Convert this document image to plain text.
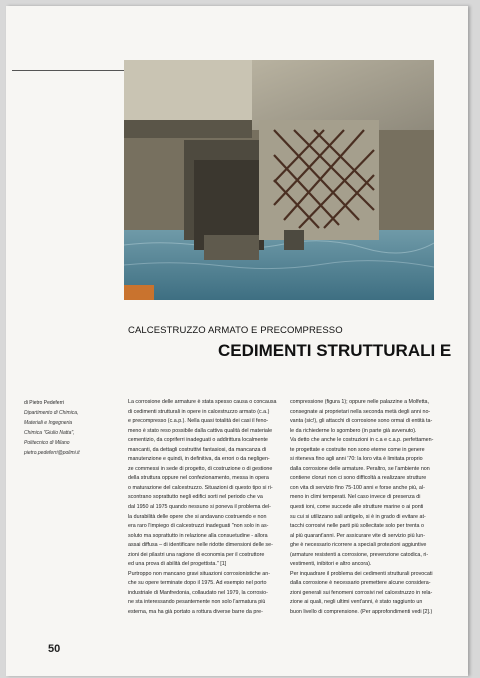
CALCESTRUZZO ARMATO E PRECOMPRESSO
CEDIMENTI STRUTTURALI E
di Pietro Pedeferri
Dipartimento di Chimica,
Materiali e Ingegneria
Chimica "Giulio Natta",
Politecnico di Milano
pietro.pedeferri@polimi.it

La corrosione delle armature è stata spesso causa o concausa

di cedimenti strutturali in opere in calcestruzzo armato (c.a.)

e precompresso (c.a.p.). Nella quasi totalità dei casi il feno-

meno è stato reso possibile dalla cattiva qualità del materiale

cementizio, da copriferri inadeguati o addirittura localmente

mancanti, da dettagli costruttivi fantasiosi, da mancanza di

manutenzione e quindi, in definitiva, da errori o da negligen-

ze commessi in sede di progetto, di costruzione o di gestione

della struttura oppure nel confezionamento, messa in opera

o maturazione del calcestruzzo. Situazioni di questo tipo si ri-

scontrano soprattutto negli edifici sorti nel periodo che va

dal 1950 al 1975 quando nessuno si poneva il problema del-

la durabilità delle opere che si andavano costruendo e non

era raro l'impiego di calcestruzzi inadeguati "non solo in as-

soluto ma soprattutto in relazione alla consuetudine - allora

assai diffusa – di identificare nelle ridotte dimensioni delle se-

zioni dei pilastri una ragione di economia per il costruttore

ed una prova di abilità del progettista." [1]

Purtroppo non mancano gravi situazioni corrosionistiche an-

che su opere terminate dopo il 1975. Ad esempio nel porto

industriale di Manfredonia, collaudato nel 1979, la corrosio-

ne sta interessando pesantemente non solo l'armatura più

esterna, ma ha già portato a rottura diverse barre da pre-

compressione (figura 1); oppure nelle palazzine a Molfetta,

consegnate ai proprietari nella seconda metà degli anni no-

vanta (sic!), gli attacchi di corrosione sono ormai di entità ta-

le da richiederne lo sgombero (in parte già avvenuto).

Va detto che anche le costruzioni in c.a e c.a.p. perfettamen-

te progettate e costruite non sono eterne come in genere

si riteneva fino agli anni '70: la loro vita è limitata proprio

dalla corrosione delle armature. Peraltro, se l'ambiente non

contiene cloruri non ci sono difficoltà a realizzare strutture

con vita di servizio fino 75-100 anni e forse anche più, al-

meno in climi temperati. Nel caso invece di presenza di

questi ioni, come succede alle strutture marine o ai ponti

su cui si utilizzano sali antigelo, si è in grado di evitare at-

tacchi corrosivi nelle parti più sollecitate solo per trenta o

al più quarant'anni. Per assicurare vite di servizio più lun-

ghe è necessario ricorrere a speciali protezioni aggiuntive

(armature resistenti a corrosione, prevenzione catodica, ri-

vestimenti, inibitori e altro ancora).

Per inquadrare il problema dei cedimenti strutturali provocati

dalla corrosione è necessario premettere alcune considera-

zioni generali sui fenomeni corrosivi nel calcestruzzo in rela-

zione ai quali, negli ultimi vent'anni, è stato raggiunto un

buon livello di comprensione. (Per approfondimenti vedi [2].)

50
